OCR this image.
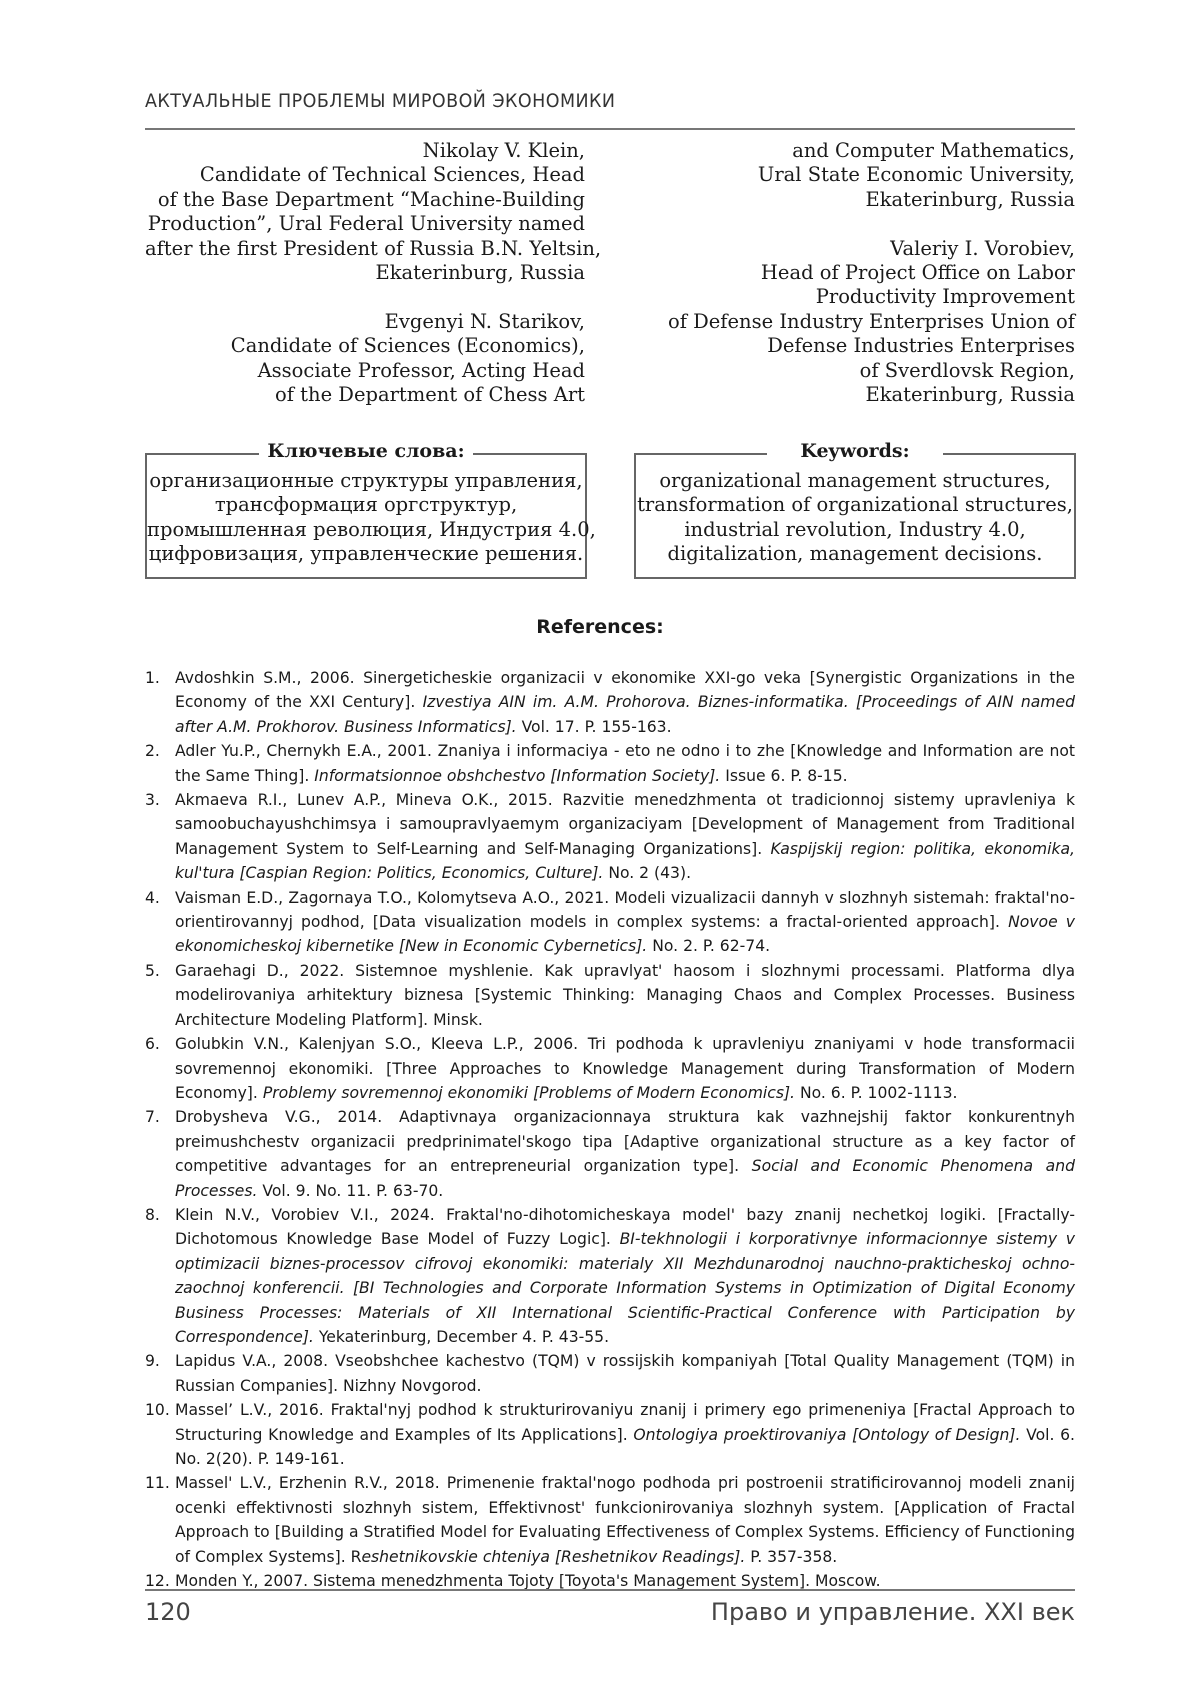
АКТУАЛЬНЫЕ ПРОБЛЕМЫ МИРОВОЙ ЭКОНОМИКИ
Nikolay V. Klein,
Candidate of Technical Sciences, Head
of the Base Department “Machine-Building
Production”, Ural Federal University named
after the first President of Russia B.N. Yeltsin,
Ekaterinburg, Russia
Evgenyi N. Starikov,
Candidate of Sciences (Economics),
Associate Professor, Acting Head
of the Department of Chess Art
and Computer Mathematics,
Ural State Economic University,
Ekaterinburg, Russia
Valeriy I. Vorobiev,
Head of Project Office on Labor
Productivity Improvement
of Defense Industry Enterprises Union of
Defense Industries Enterprises
of Sverdlovsk Region,
Ekaterinburg, Russia
Ключевые слова:
организационные структуры управления,
трансформация оргструктур,
промышленная революция, Индустрия 4.0,
цифровизация, управленческие решения.
Keywords:
organizational management structures,
transformation of organizational structures,
industrial revolution, Industry 4.0,
digitalization, management decisions.
References:
1. Avdoshkin S.M., 2006. Sinergeticheskie organizacii v ekonomike XXI-go veka [Synergistic Organizations in the Economy of the XXI Century]. Izvestiya AIN im. A.M. Prohorova. Biznes-informatika. [Proceedings of AIN named after A.M. Prokhorov. Business Informatics]. Vol. 17. P. 155-163.
2. Adler Yu.P., Chernykh E.A., 2001. Znaniya i informaciya - eto ne odno i to zhe [Knowledge and Information are not the Same Thing]. Informatsionnoe obshchestvo [Information Society]. Issue 6. P. 8-15.
3. Akmaeva R.I., Lunev A.P., Mineva O.K., 2015. Razvitie menedzhmenta ot tradicionnoj sistemy upravleniya k samoobuchayushchimsya i samoupravlyaemym organizaciyam [Development of Management from Traditional Management System to Self-Learning and Self-Managing Organizations]. Kaspijskij region: politika, ekonomika, kul'tura [Caspian Region: Politics, Economics, Culture]. No. 2 (43).
4. Vaisman E.D., Zagornaya T.O., Kolomytseva A.O., 2021. Modeli vizualizacii dannyh v slozhnyh sistemah: fraktal'no-orientirovannyj podhod, [Data visualization models in complex systems: a fractal-oriented approach]. Novoe v ekonomicheskoj kibernetike [New in Economic Cybernetics]. No. 2. P. 62-74.
5. Garaehagi D., 2022. Sistemnoe myshlenie. Kak upravlyat' haosom i slozhnymi processami. Platforma dlya modelirovaniya arhitektury biznesa [Systemic Thinking: Managing Chaos and Complex Processes. Business Architecture Modeling Platform]. Minsk.
6. Golubkin V.N., Kalenjyan S.O., Kleeva L.P., 2006. Tri podhoda k upravleniyu znaniyami v hode transformacii sovremennoj ekonomiki. [Three Approaches to Knowledge Management during Transformation of Modern Economy]. Problemy sovremennoj ekonomiki [Problems of Modern Economics]. No. 6. P. 1002-1113.
7. Drobysheva V.G., 2014. Adaptivnaya organizacionnaya struktura kak vazhnejshij faktor konkurentnyh preimushchestv organizacii predprinimatel'skogo tipa [Adaptive organizational structure as a key factor of competitive advantages for an entrepreneurial organization type]. Social and Economic Phenomena and Processes. Vol. 9. No. 11. P. 63-70.
8. Klein N.V., Vorobiev V.I., 2024. Fraktal'no-dihotomicheskaya model' bazy znanij nechetkoj logiki. [Fractally-Dichotomous Knowledge Base Model of Fuzzy Logic]. BI-tekhnologii i korporativnye informacionnye sistemy v optimizacii biznes-processov cifrovoj ekonomiki: materialy XII Mezhdunarodnoj nauchno-prakticheskoj ochno-zaochnoj konferencii. [BI Technologies and Corporate Information Systems in Optimization of Digital Economy Business Processes: Materials of XII International Scientific-Practical Conference with Participation by Correspondence]. Yekaterinburg, December 4. P. 43-55.
9. Lapidus V.A., 2008. Vseobshchee kachestvo (TQM) v rossijskih kompaniyah [Total Quality Management (TQM) in Russian Companies]. Nizhny Novgorod.
10. Massel’ L.V., 2016. Fraktal'nyj podhod k strukturirovaniyu znanij i primery ego primeneniya [Fractal Approach to Structuring Knowledge and Examples of Its Applications]. Ontologiya proektirovaniya [Ontology of Design]. Vol. 6. No. 2(20). P. 149-161.
11. Massel' L.V., Erzhenin R.V., 2018. Primenenie fraktal'nogo podhoda pri postroenii stratificirovannoj modeli znanij ocenki effektivnosti slozhnyh sistem, Effektivnost' funkcionirovaniya slozhnyh system. [Application of Fractal Approach to [Building a Stratified Model for Evaluating Effectiveness of Complex Systems. Efficiency of Functioning of Complex Systems]. Reshetnikovskie chteniya [Reshetnikov Readings]. P. 357-358.
12. Monden Y., 2007. Sistema menedzhmenta Tojoty [Toyota's Management System]. Moscow.
120	Право и управление. XXI век
